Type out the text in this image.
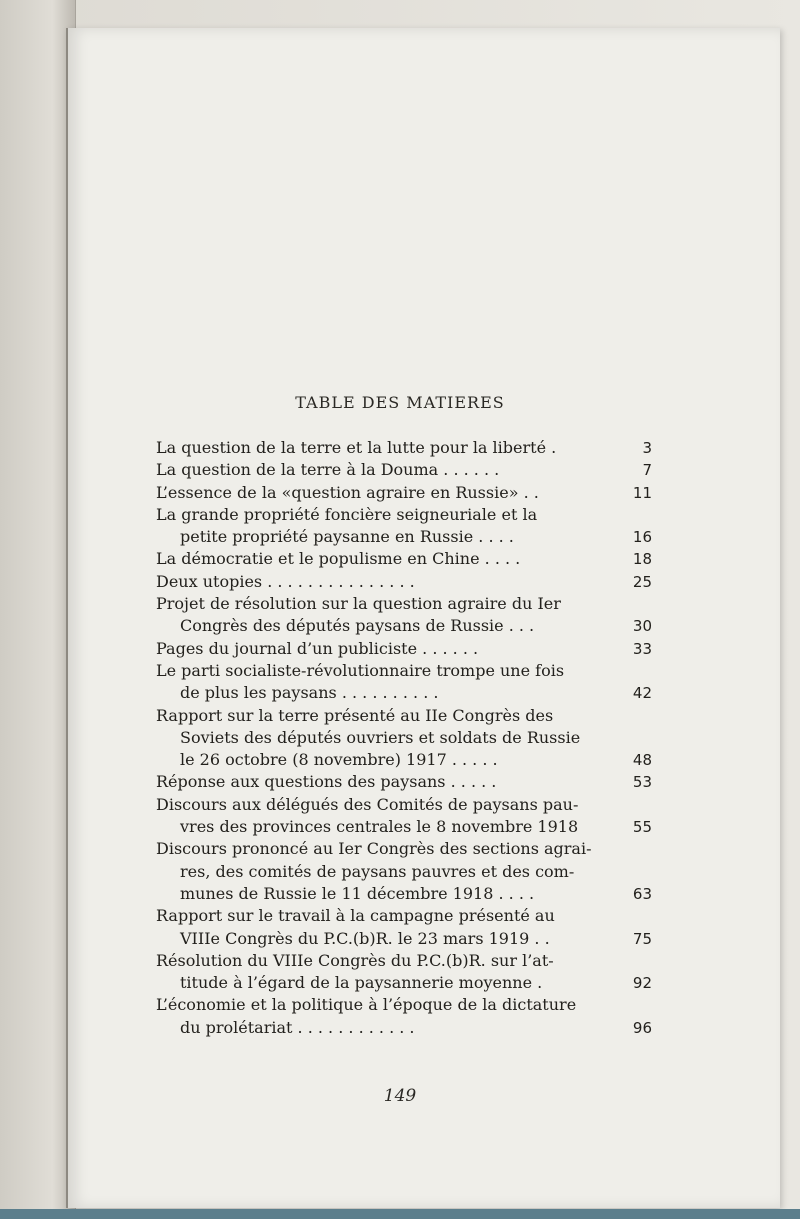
TABLE DES MATIERES
La question de la terre et la lutte pour la liberté .	3
La question de la terre à la Douma . . . . . .	7
L’essence de la «question agraire en Russie» . .	11
La grande propriété foncière seigneuriale et la
petite propriété paysanne en Russie . . . .	16
La démocratie et le populisme en Chine . . . .	18
Deux utopies . . . . . . . . . . . . . . .	25
Projet de résolution sur la question agraire du Ier
Congrès des députés paysans de Russie . . .	30
Pages du journal d’un publiciste . . . . . .	33
Le parti socialiste-révolutionnaire trompe une fois
de plus les paysans . . . . . . . . . .	42
Rapport sur la terre présenté au IIe Congrès des
Soviets des députés ouvriers et soldats de Russie
le 26 octobre (8 novembre) 1917 . . . . .	48
Réponse aux questions des paysans . . . . .	53
Discours aux délégués des Comités de paysans pau-
vres des provinces centrales le 8 novembre 1918	55
Discours prononcé au Ier Congrès des sections agrai-
res, des comités de paysans pauvres et des com-
munes de Russie le 11 décembre 1918 . . . .	63
Rapport sur le travail à la campagne présenté au
VIIIe Congrès du P.C.(b)R. le 23 mars 1919 . .	75
Résolution du VIIIe Congrès du P.C.(b)R. sur l’at-
titude à l’égard de la paysannerie moyenne .	92
L’économie et la politique à l’époque de la dictature
du prolétariat . . . . . . . . . . . .	96
149
